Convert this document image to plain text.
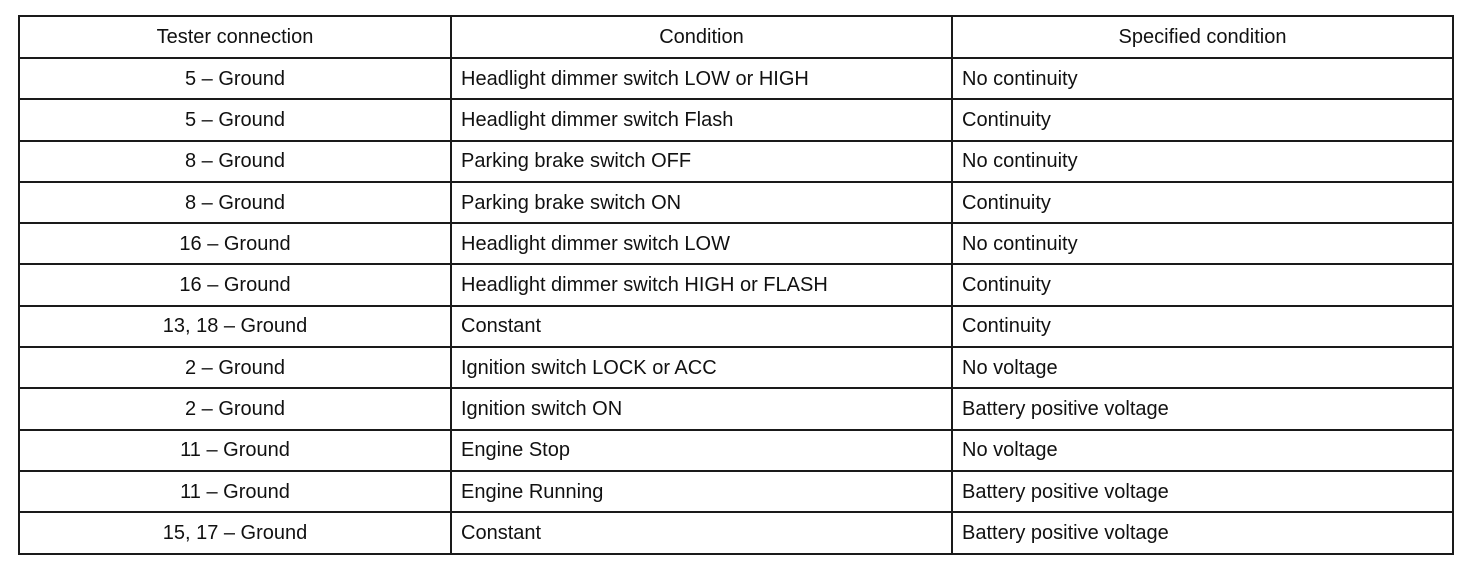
Tester connection	Condition	Specified condition
5 – Ground	Headlight dimmer switch LOW or HIGH	No continuity
5 – Ground	Headlight dimmer switch Flash	Continuity
8 – Ground	Parking brake switch OFF	No continuity
8 – Ground	Parking brake switch ON	Continuity
16 – Ground	Headlight dimmer switch LOW	No continuity
16 – Ground	Headlight dimmer switch HIGH or FLASH	Continuity
13, 18 – Ground	Constant	Continuity
2 – Ground	Ignition switch LOCK or ACC	No voltage
2 – Ground	Ignition switch ON	Battery positive voltage
11 – Ground	Engine Stop	No voltage
11 – Ground	Engine Running	Battery positive voltage
15, 17 – Ground	Constant	Battery positive voltage
